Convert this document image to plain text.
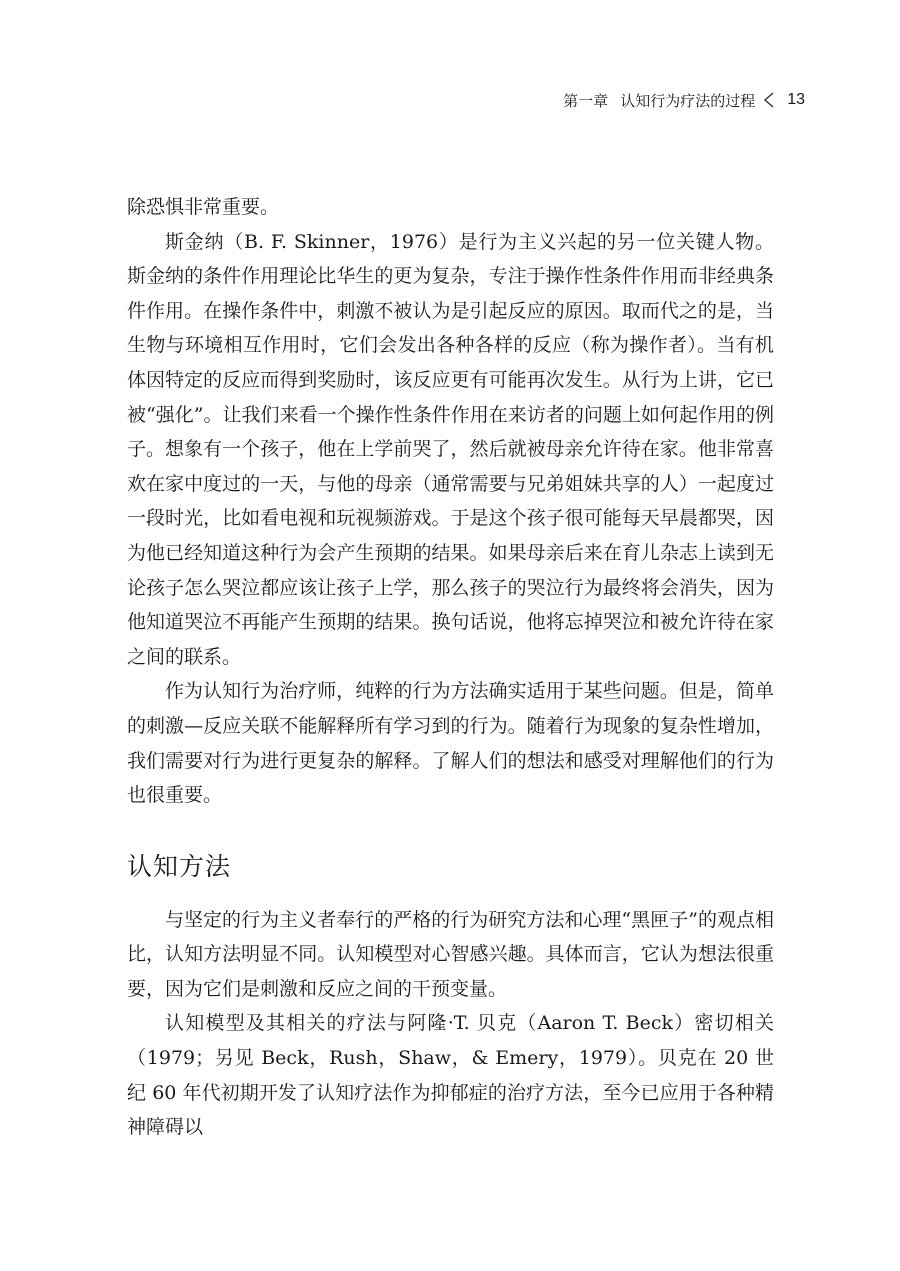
第一章 认知行为疗法的过程 13

除恐惧非常重要。

斯金纳（B. F. Skinner，1976）是行为主义兴起的另一位关键人物。斯金纳的条件作用理论比华生的更为复杂，专注于操作性条件作用而非经典条件作用。在操作条件中，刺激不被认为是引起反应的原因。取而代之的是，当生物与环境相互作用时，它们会发出各种各样的反应（称为操作者）。当有机体因特定的反应而得到奖励时，该反应更有可能再次发生。从行为上讲，它已被“强化”。让我们来看一个操作性条件作用在来访者的问题上如何起作用的例子。想象有一个孩子，他在上学前哭了，然后就被母亲允许待在家。他非常喜欢在家中度过的一天，与他的母亲（通常需要与兄弟姐妹共享的人）一起度过一段时光，比如看电视和玩视频游戏。于是这个孩子很可能每天早晨都哭，因为他已经知道这种行为会产生预期的结果。如果母亲后来在育儿杂志上读到无论孩子怎么哭泣都应该让孩子上学，那么孩子的哭泣行为最终将会消失，因为他知道哭泣不再能产生预期的结果。换句话说，他将忘掉哭泣和被允许待在家之间的联系。

作为认知行为治疗师，纯粹的行为方法确实适用于某些问题。但是，简单的刺激—反应关联不能解释所有学习到的行为。随着行为现象的复杂性增加，我们需要对行为进行更复杂的解释。了解人们的想法和感受对理解他们的行为也很重要。

认知方法

与坚定的行为主义者奉行的严格的行为研究方法和心理“黑匣子”的观点相比，认知方法明显不同。认知模型对心智感兴趣。具体而言，它认为想法很重要，因为它们是刺激和反应之间的干预变量。

认知模型及其相关的疗法与阿隆·T. 贝克（Aaron T. Beck）密切相关（1979；另见 Beck，Rush，Shaw，& Emery，1979）。贝克在 20 世纪 60 年代初期开发了认知疗法作为抑郁症的治疗方法，至今已应用于各种精神障碍以
